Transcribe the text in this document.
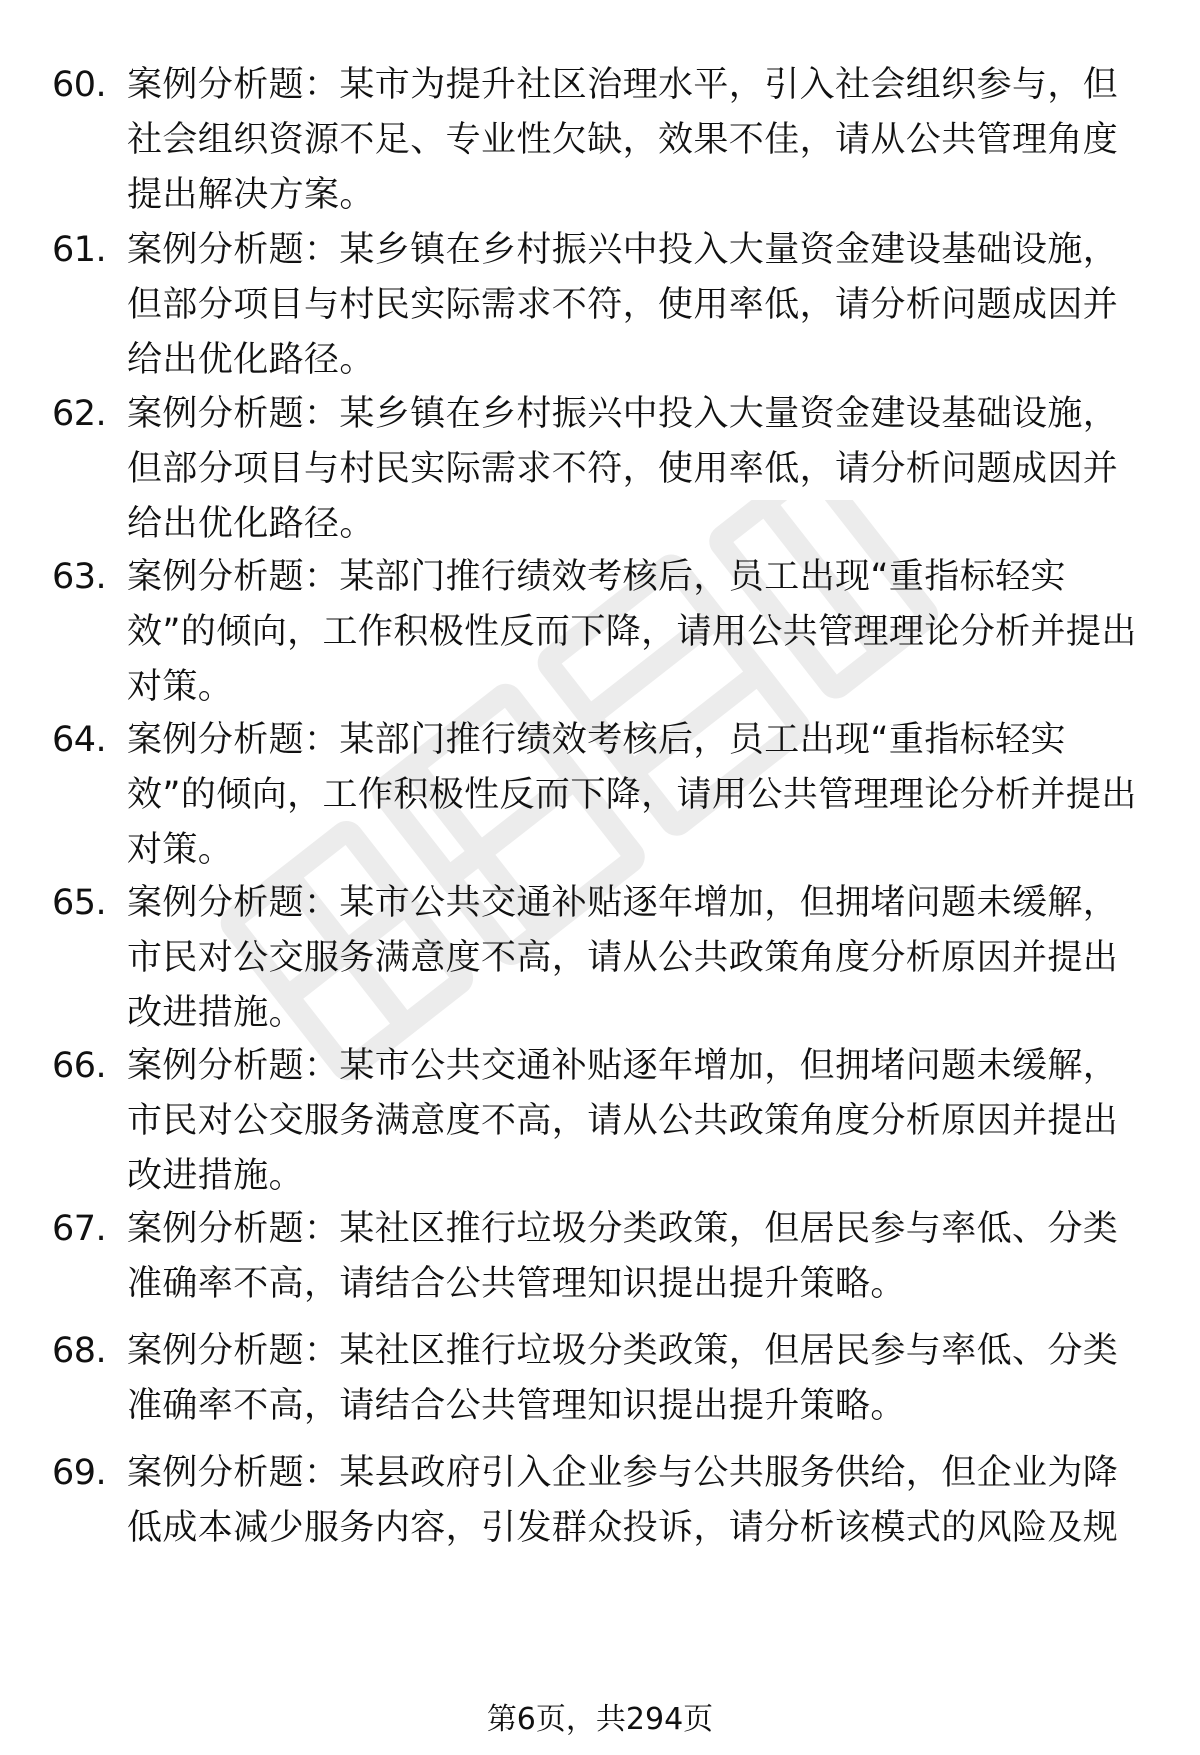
60. 案例分析题：某市为提升社区治理水平，引入社会组织参与，但社会组织资源不足、专业性欠缺，效果不佳，请从公共管理角度提出解决方案。
61. 案例分析题：某乡镇在乡村振兴中投入大量资金建设基础设施，但部分项目与村民实际需求不符，使用率低，请分析问题成因并给出优化路径。
62. 案例分析题：某乡镇在乡村振兴中投入大量资金建设基础设施，但部分项目与村民实际需求不符，使用率低，请分析问题成因并给出优化路径。
63. 案例分析题：某部门推行绩效考核后，员工出现“重指标轻实效”的倾向，工作积极性反而下降，请用公共管理理论分析并提出对策。
64. 案例分析题：某部门推行绩效考核后，员工出现“重指标轻实效”的倾向，工作积极性反而下降，请用公共管理理论分析并提出对策。
65. 案例分析题：某市公共交通补贴逐年增加，但拥堵问题未缓解，市民对公交服务满意度不高，请从公共政策角度分析原因并提出改进措施。
66. 案例分析题：某市公共交通补贴逐年增加，但拥堵问题未缓解，市民对公交服务满意度不高，请从公共政策角度分析原因并提出改进措施。
67. 案例分析题：某社区推行垃圾分类政策，但居民参与率低、分类准确率不高，请结合公共管理知识提出提升策略。
68. 案例分析题：某社区推行垃圾分类政策，但居民参与率低、分类准确率不高，请结合公共管理知识提出提升策略。
69. 案例分析题：某县政府引入企业参与公共服务供给，但企业为降低成本减少服务内容，引发群众投诉，请分析该模式的风险及规
第6页，共294页
